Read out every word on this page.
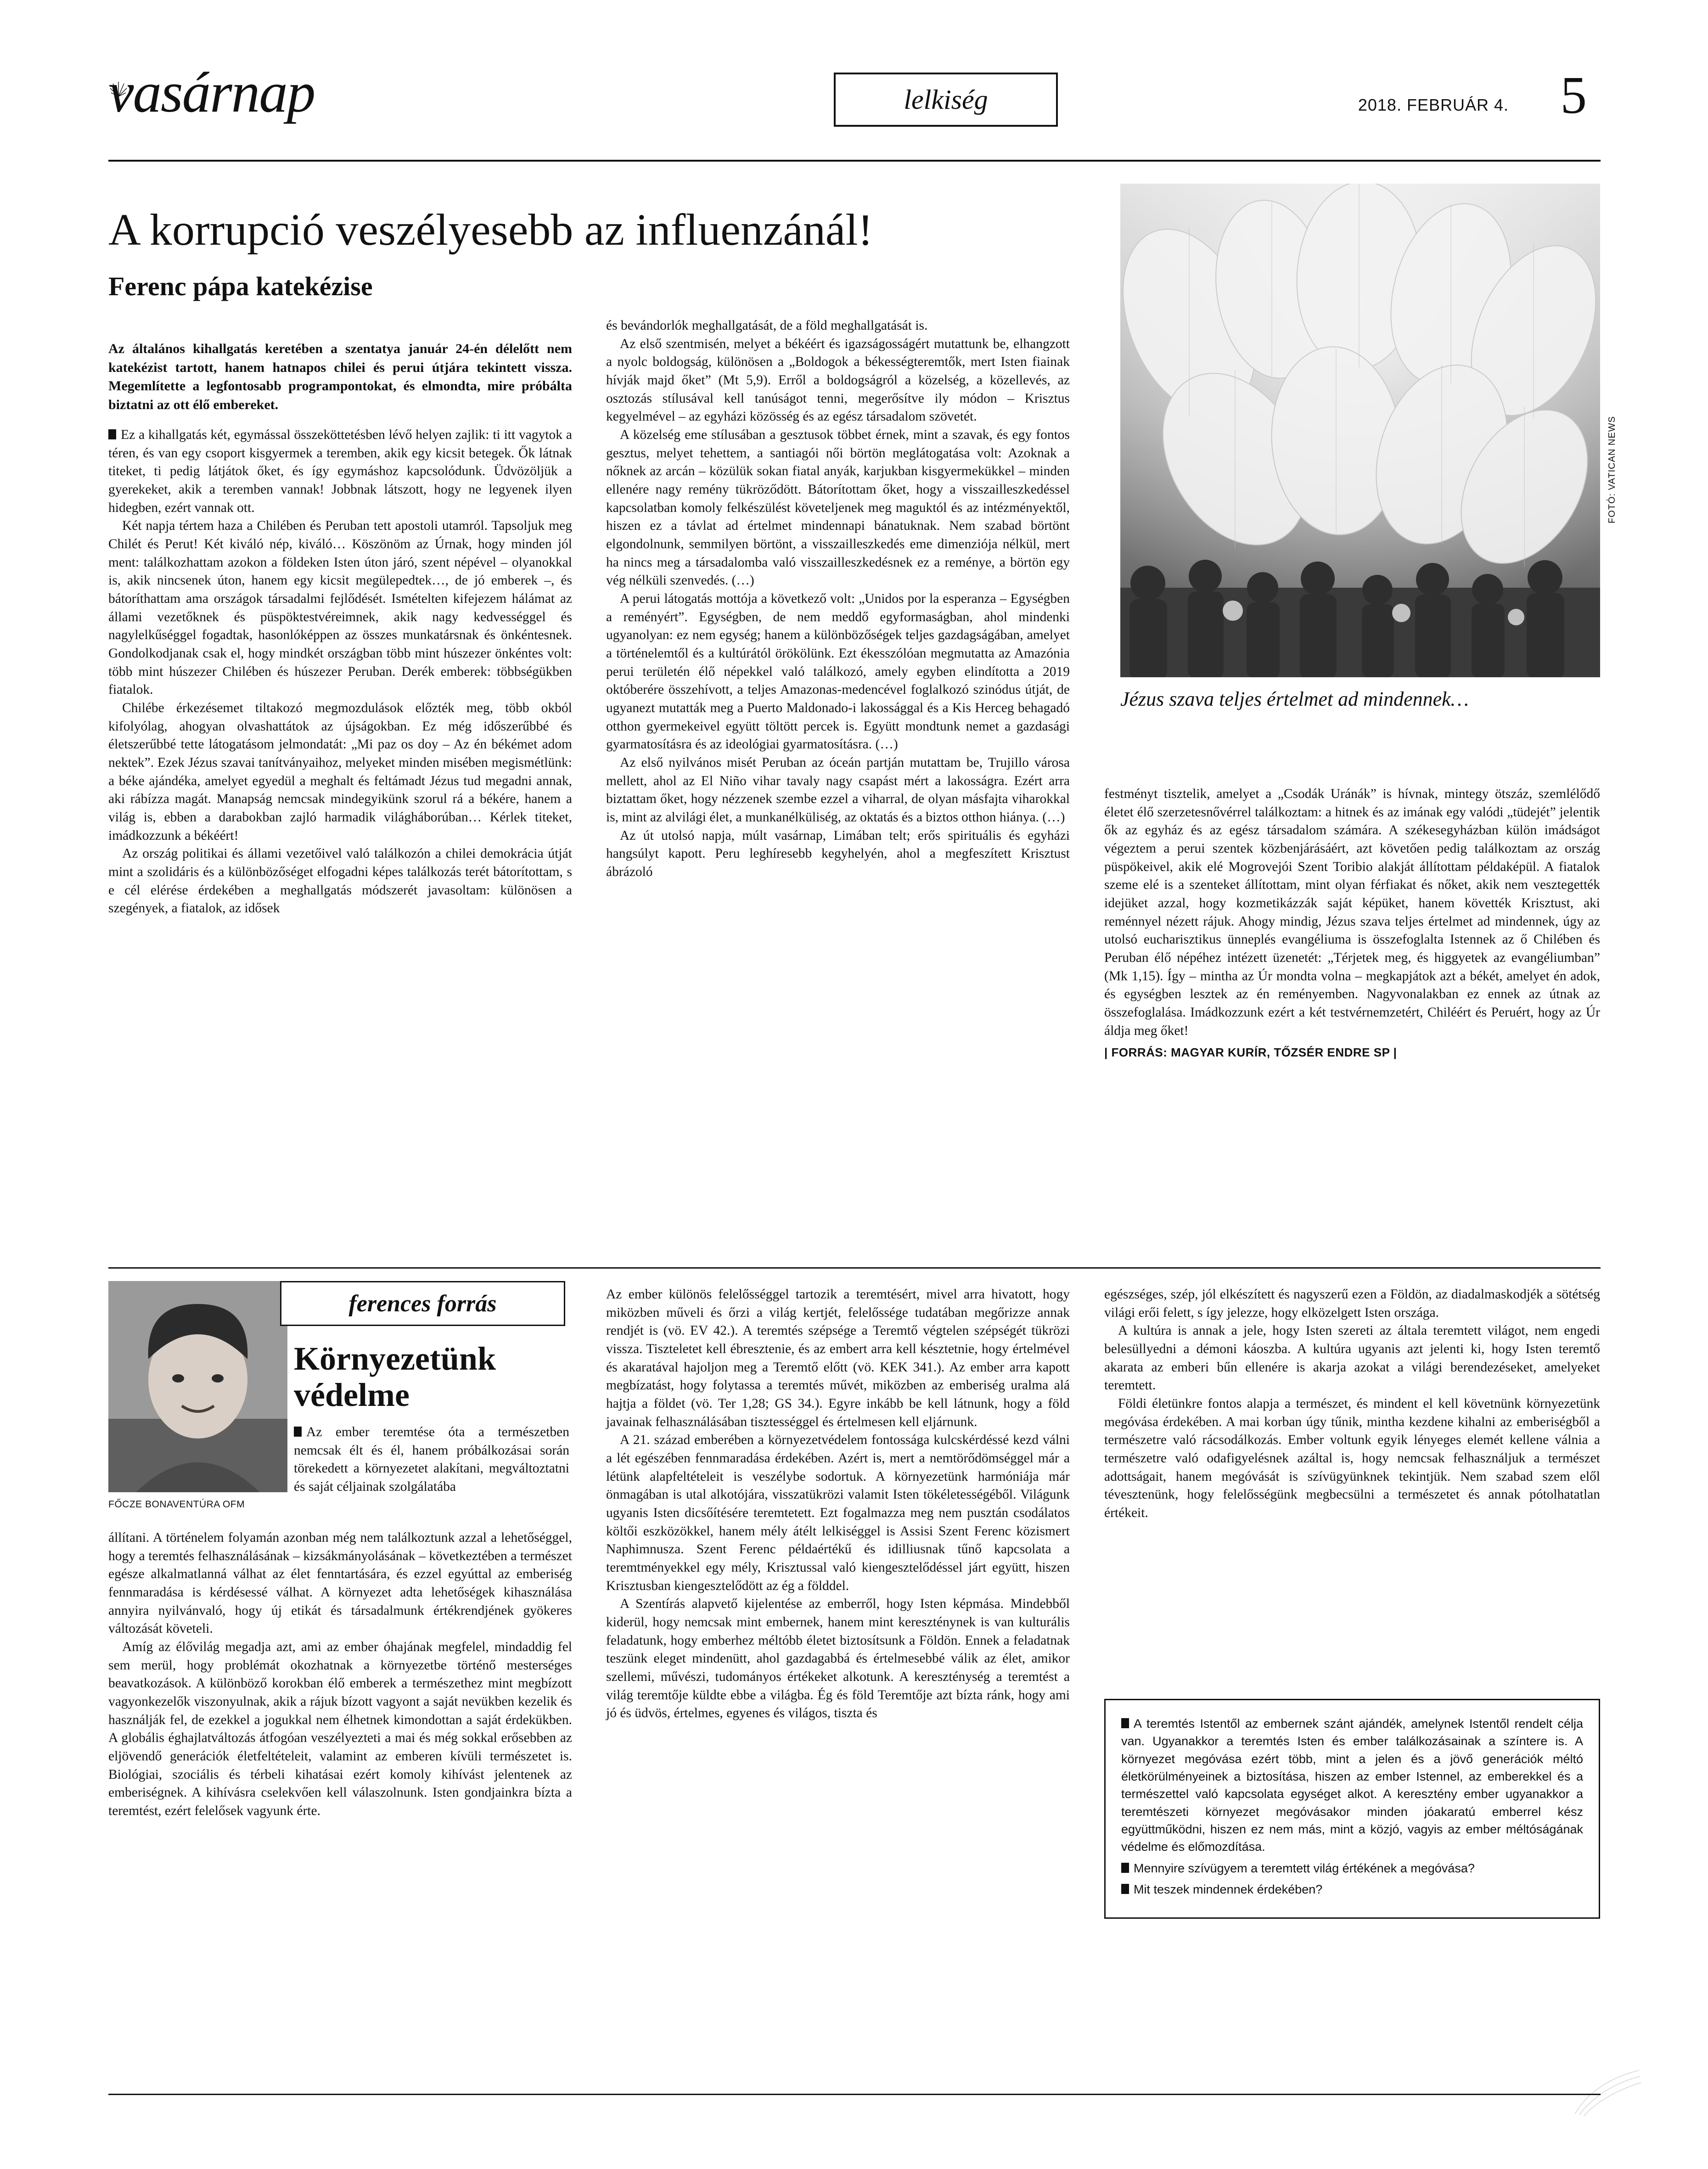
vasárnap	lelkiség	2018. FEBRUÁR 4. 5
A korrupció veszélyesebb az influenzánál!
Ferenc pápa katekézise
FOTÓ: VATICAN NEWS
Jézus szava teljes értelmet ad mindennek…

Az általános kihallgatás keretében a szentatya január 24-én délelőtt nem katekézist tartott, hanem hatnapos chilei és perui útjára tekintett vissza. Megemlítette a legfontosabb programpontokat, és elmondta, mire próbálta biztatni az ott élő embereket.

Ez a kihallgatás két, egymással összeköttetésben lévő helyen zajlik: ti itt vagytok a téren, és van egy csoport kisgyermek a teremben, akik egy kicsit betegek. Ők látnak titeket, ti pedig látjátok őket, és így egymáshoz kapcsolódunk. Üdvözöljük a gyerekeket, akik a teremben vannak! Jobbnak látszott, hogy ne legyenek ilyen hidegben, ezért vannak ott.

Két napja tértem haza a Chilében és Peruban tett apostoli utamról. Tapsoljuk meg Chilét és Perut! Két kiváló nép, kiváló… Köszönöm az Úrnak, hogy minden jól ment: találkozhattam azokon a földeken Isten úton járó, szent népével – olyanokkal is, akik nincsenek úton, hanem egy kicsit megülepedtek…, de jó emberek –, és bátoríthattam ama országok társadalmi fejlődését. Ismételten kifejezem hálámat az állami vezetőknek és püspöktestvéreimnek, akik nagy kedvességgel és nagylelkűséggel fogadtak, hasonlóképpen az összes munkatársnak és önkéntesnek. Gondolkodjanak csak el, hogy mindkét országban több mint húszezer önkéntes volt: több mint húszezer Chilében és húszezer Peruban. Derék emberek: többségükben fiatalok.

Chilébe érkezésemet tiltakozó megmozdulások előzték meg, több okból kifolyólag, ahogyan olvashattátok az újságokban. Ez még időszerűbbé és életszerűbbé tette látogatásom jelmondatát: „Mi paz os doy – Az én békémet adom nektek”. Ezek Jézus szavai tanítványaihoz, melyeket minden misében megismétlünk: a béke ajándéka, amelyet egyedül a meghalt és feltámadt Jézus tud megadni annak, aki rábízza magát. Manapság nemcsak mindegyikünk szorul rá a békére, hanem a világ is, ebben a darabokban zajló harmadik világháborúban… Kérlek titeket, imádkozzunk a békéért!

Az ország politikai és állami vezetőivel való találkozón a chilei demokrácia útját mint a szolidáris és a különbözőséget elfogadni képes találkozás terét bátorítottam, s e cél elérése érdekében a meghallgatás módszerét javasoltam: különösen a szegények, a fiatalok, az idősek

és bevándorlók meghallgatását, de a föld meghallgatását is.

Az első szentmisén, melyet a békéért és igazságosságért mutattunk be, elhangzott a nyolc boldogság, különösen a „Boldogok a békességteremtők, mert Isten fiainak hívják majd őket” (Mt 5,9). Erről a boldogságról a közelség, a közellevés, az osztozás stílusával kell tanúságot tenni, megerősítve ily módon – Krisztus kegyelmével – az egyházi közösség és az egész társadalom szövetét.

A közelség eme stílusában a gesztusok többet érnek, mint a szavak, és egy fontos gesztus, melyet tehettem, a santiagói női börtön meglátogatása volt: Azoknak a nőknek az arcán – közülük sokan fiatal anyák, karjukban kisgyermekükkel – minden ellenére nagy remény tükröződött. Bátorítottam őket, hogy a visszailleszkedéssel kapcsolatban komoly felkészülést követeljenek meg maguktól és az intézményektől, hiszen ez a távlat ad értelmet mindennapi bánatuknak. Nem szabad börtönt elgondolnunk, semmilyen börtönt, a visszailleszkedés eme dimenziója nélkül, mert ha nincs meg a társadalomba való visszailleszkedésnek ez a reménye, a börtön egy vég nélküli szenvedés. (…)

A perui látogatás mottója a következő volt: „Unidos por la esperanza – Egységben a reményért”. Egységben, de nem meddő egyformaságban, ahol mindenki ugyanolyan: ez nem egység; hanem a különbözőségek teljes gazdagságában, amelyet a történelemtől és a kultúrától örökölünk. Ezt ékesszólóan megmutatta az Amazónia perui területén élő népekkel való találkozó, amely egyben elindította a 2019 októberére összehívott, a teljes Amazonas-medencével foglalkozó szinódus útját, de ugyanezt mutatták meg a Puerto Maldonado-i lakossággal és a Kis Herceg behagadó otthon gyermekeivel együtt töltött percek is. Együtt mondtunk nemet a gazdasági gyarmatosításra és az ideológiai gyarmatosításra. (…)

Az első nyilvános misét Peruban az óceán partján mutattam be, Trujillo városa mellett, ahol az El Niño vihar tavaly nagy csapást mért a lakosságra. Ezért arra biztattam őket, hogy nézzenek szembe ezzel a viharral, de olyan másfajta viharokkal is, mint az alvilági élet, a munkanélküliség, az oktatás és a biztos otthon hiánya. (…)

Az út utolsó napja, múlt vasárnap, Limában telt; erős spirituális és egyházi hangsúlyt kapott. Peru leghíresebb kegyhelyén, ahol a megfeszített Krisztust ábrázoló

festményt tisztelik, amelyet a „Csodák Uránák” is hívnak, mintegy ötszáz, szemlélődő életet élő szerzetesnővérrel találkoztam: a hitnek és az imának egy valódi „tüdejét” jelentik ők az egyház és az egész társadalom számára. A székesegyházban külön imádságot végeztem a perui szentek közbenjárásáért, azt követően pedig találkoztam az ország püspökeivel, akik elé Mogrovejói Szent Toribio alakját állítottam példaképül. A fiatalok szeme elé is a szenteket állítottam, mint olyan férfiakat és nőket, akik nem vesztegették idejüket azzal, hogy kozmetikázzák saját képüket, hanem követték Krisztust, aki reménnyel nézett rájuk. Ahogy mindig, Jézus szava teljes értelmet ad mindennek, úgy az utolsó eucharisztikus ünneplés evangéliuma is összefoglalta Istennek az ő Chilében és Peruban élő népéhez intézett üzenetét: „Térjetek meg, és higgyetek az evangéliumban” (Mk 1,15). Így – mintha az Úr mondta volna – megkapjátok azt a békét, amelyet én adok, és egységben lesztek az én reményemben. Nagyvonalakban ez ennek az útnak az összefoglalása. Imádkozzunk ezért a két testvérnemzetért, Chiléért és Peruért, hogy az Úr áldja meg őket!

| FORRÁS: MAGYAR KURÍR, TŐZSÉR ENDRE SP |

FŐCZE BONAVENTÚRA OFM
ferences forrás
Környezetünk védelme

Az ember teremtése óta a természetben nemcsak élt és él, hanem próbálkozásai során törekedett a környezetet alakítani, megváltoztatni és saját céljainak szolgálatába

állítani. A történelem folyamán azonban még nem találkoztunk azzal a lehetőséggel, hogy a teremtés felhasználásának – kizsákmányolásának – következtében a természet egésze alkalmatlanná válhat az élet fenntartására, és ezzel egyúttal az emberiség fennmaradása is kérdésessé válhat. A környezet adta lehetőségek kihasználása annyira nyilvánvaló, hogy új etikát és társadalmunk értékrendjének gyökeres változását követeli.

Amíg az élővilág megadja azt, ami az ember óhajának megfelel, mindaddig fel sem merül, hogy problémát okozhatnak a környezetbe történő mesterséges beavatkozások. A különböző korokban élő emberek a természethez mint megbízott vagyonkezelők viszonyulnak, akik a rájuk bízott vagyont a saját nevükben kezelik és használják fel, de ezekkel a jogukkal nem élhetnek kimondottan a saját érdekükben. A globális éghajlatváltozás átfogóan veszélyezteti a mai és még sokkal erősebben az eljövendő generációk életfeltételeit, valamint az emberen kívüli természetet is. Biológiai, szociális és térbeli kihatásai ezért komoly kihívást jelentenek az emberiségnek. A kihívásra cselekvően kell válaszolnunk. Isten gondjainkra bízta a teremtést, ezért felelősek vagyunk érte.

Az ember különös felelősséggel tartozik a teremtésért, mivel arra hivatott, hogy miközben műveli és őrzi a világ kertjét, felelőssége tudatában megőrizze annak rendjét is (vö. EV 42.). A teremtés szépsége a Teremtő végtelen szépségét tükrözi vissza. Tiszteletet kell ébresztenie, és az embert arra kell késztetnie, hogy értelmével és akaratával hajoljon meg a Teremtő előtt (vö. KEK 341.). Az ember arra kapott megbízatást, hogy folytassa a teremtés művét, miközben az emberiség uralma alá hajtja a földet (vö. Ter 1,28; GS 34.). Egyre inkább be kell látnunk, hogy a föld javainak felhasználásában tisztességgel és értelmesen kell eljárnunk.

A 21. század emberében a környezetvédelem fontossága kulcskérdéssé kezd válni a lét egészében fennmaradása érdekében. Azért is, mert a nemtörődömséggel már a létünk alapfeltételeit is veszélybe sodortuk. A környezetünk harmóniája már önmagában is utal alkotójára, visszatükrözi valamit Isten tökéletességéből. Világunk ugyanis Isten dicsőítésére teremtetett. Ezt fogalmazza meg nem pusztán csodálatos költői eszközökkel, hanem mély átélt lelkiséggel is Assisi Szent Ferenc közismert Naphimnusza. Szent Ferenc példaértékű és idilliusnak tűnő kapcsolata a teremtményekkel egy mély, Krisztussal való kiengesztelődéssel járt együtt, hiszen Krisztusban kiengesztelődött az ég a földdel.

A Szentírás alapvető kijelentése az emberről, hogy Isten képmása. Mindebből kiderül, hogy nemcsak mint embernek, hanem mint kereszténynek is van kulturális feladatunk, hogy emberhez méltóbb életet biztosítsunk a Földön. Ennek a feladatnak teszünk eleget mindenütt, ahol gazdagabbá és értelmesebbé válik az élet, amikor szellemi, művészi, tudományos értékeket alkotunk. A kereszténység a teremtést a világ teremtője küldte ebbe a világba. Ég és föld Teremtője azt bízta ránk, hogy ami jó és üdvös, értelmes, egyenes és világos, tiszta és

egészséges, szép, jól elkészített és nagyszerű ezen a Földön, az diadalmaskodjék a sötétség világi erői felett, s így jelezze, hogy elközelgett Isten országa.

A kultúra is annak a jele, hogy Isten szereti az általa teremtett világot, nem engedi belesüllyedni a démoni káoszba. A kultúra ugyanis azt jelenti ki, hogy Isten teremtő akarata az emberi bűn ellenére is akarja azokat a világi berendezéseket, amelyeket teremtett.

Földi életünkre fontos alapja a természet, és mindent el kell követnünk környezetünk megóvása érdekében. A mai korban úgy tűnik, mintha kezdene kihalni az emberiségből a természetre való rácsodálkozás. Ember voltunk egyik lényeges elemét kellene válnia a természetre való odafigyelésnek azáltal is, hogy nemcsak felhasználjuk a természet adottságait, hanem megóvását is szívügyünknek tekintjük. Nem szabad szem elől tévesztenünk, hogy felelősségünk megbecsülni a természetet és annak pótolhatatlan értékeit.

A teremtés Istentől az embernek szánt ajándék, amelynek Istentől rendelt célja van. Ugyanakkor a teremtés Isten és ember találkozásainak a színtere is. A környezet megóvása ezért több, mint a jelen és a jövő generációk méltó életkörülményeinek a biztosítása, hiszen az ember Istennel, az emberekkel és a természettel való kapcsolata egységet alkot. A keresztény ember ugyanakkor a teremtészeti környezet megóvásakor minden jóakaratú emberrel kész együttműködni, hiszen ez nem más, mint a közjó, vagyis az ember méltóságának védelme és előmozdítása.

Mennyire szívügyem a teremtett világ értékének a megóvása?

Mit teszek mindennek érdekében?
